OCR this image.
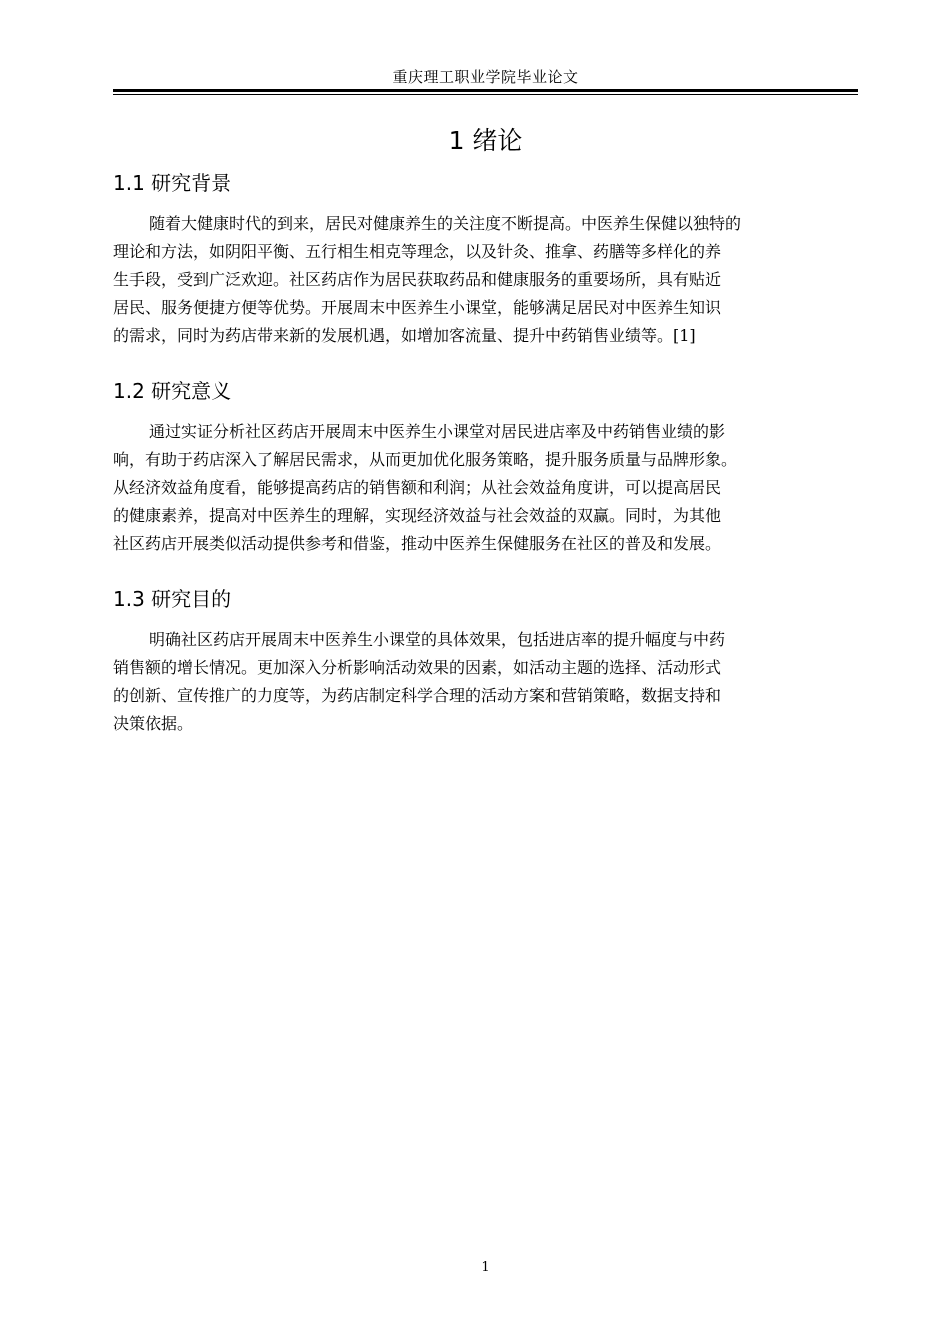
重庆理工职业学院毕业论文
1 绪论
1.1 研究背景

随着大健康时代的到来，居民对健康养生的关注度不断提高。中医养生保健以独特的
理论和方法，如阴阳平衡、五行相生相克等理念，以及针灸、推拿、药膳等多样化的养
生手段，受到广泛欢迎。社区药店作为居民获取药品和健康服务的重要场所，具有贴近
居民、服务便捷方便等优势。开展周末中医养生小课堂，能够满足居民对中医养生知识
的需求，同时为药店带来新的发展机遇，如增加客流量、提升中药销售业绩等。[1]

1.2 研究意义

通过实证分析社区药店开展周末中医养生小课堂对居民进店率及中药销售业绩的影
响，有助于药店深入了解居民需求，从而更加优化服务策略，提升服务质量与品牌形象。
从经济效益角度看，能够提高药店的销售额和利润；从社会效益角度讲，可以提高居民
的健康素养，提高对中医养生的理解，实现经济效益与社会效益的双赢。同时，为其他
社区药店开展类似活动提供参考和借鉴，推动中医养生保健服务在社区的普及和发展。

1.3 研究目的

明确社区药店开展周末中医养生小课堂的具体效果，包括进店率的提升幅度与中药
销售额的增长情况。更加深入分析影响活动效果的因素，如活动主题的选择、活动形式
的创新、宣传推广的力度等，为药店制定科学合理的活动方案和营销策略，数据支持和
决策依据。

1
